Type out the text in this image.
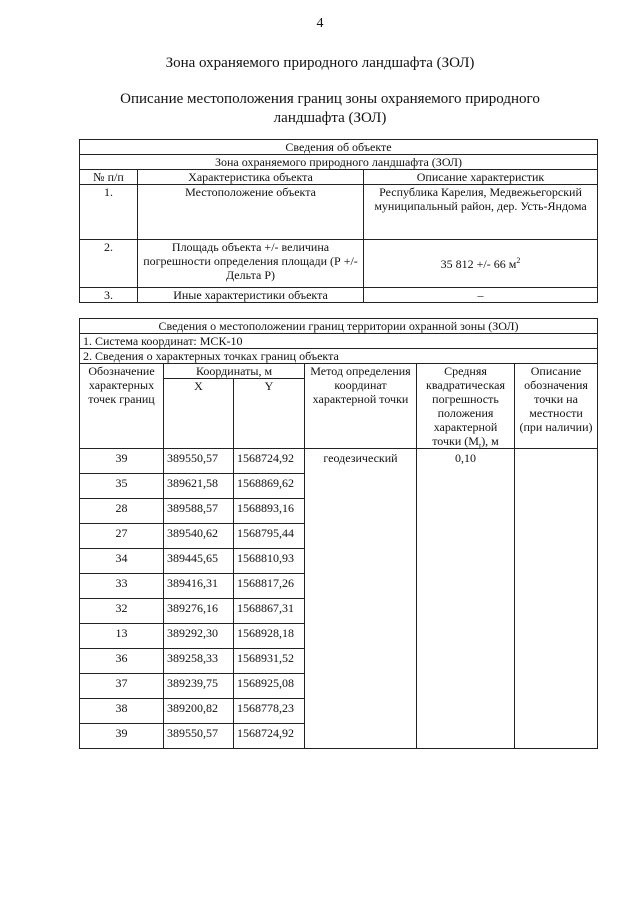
4
Зона охраняемого природного ландшафта (ЗОЛ)
Описание местоположения границ зоны охраняемого природного ландшафта (ЗОЛ)
Сведения об объекте		
Зона охраняемого природного ландшафта (ЗОЛ)		
№ п/п	Характеристика объекта	Описание характеристик
1.	Местоположение объекта	Республика Карелия, Медвежьегорский муниципальный район, дер. Усть-Яндома
2.	Площадь объекта +/- величина погрешности определения площади (Р +/- Дельта Р)	35 812 +/- 66 $м^2$
3.	Иные характеристики объекта	–
Сведения о местоположении границ территории охранной зоны (ЗОЛ)					
1. Система координат: МСК-10					
2. Сведения о характерных точках границ объекта					
Обозначение характерных точек границ	Координаты, м		Метод определения координат характерной точки	Средняя квадратическая погрешность положения характерной точки $(M_t)$, м	Описание обозначения точки на местности (при наличии)
	X	Y			
39	389550,57	1568724,92	геодезический	0,10	
35	389621,58	1568869,62			
28	389588,57	1568893,16			
27	389540,62	1568795,44			
34	389445,65	1568810,93			
33	389416,31	1568817,26			
32	389276,16	1568867,31			
13	389292,30	1568928,18			
36	389258,33	1568931,52			
37	389239,75	1568925,08			
38	389200,82	1568778,23			
39	389550,57	1568724,92			
